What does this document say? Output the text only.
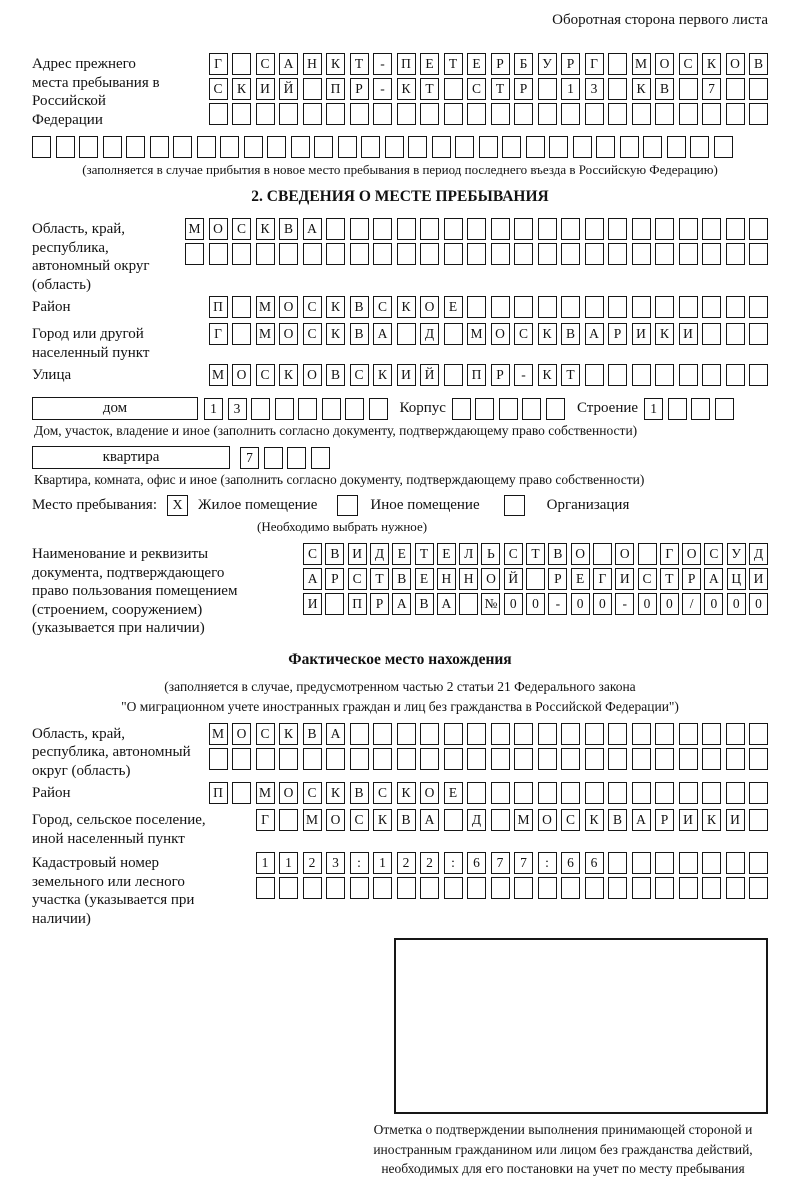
Оборотная сторона первого листа
Адрес прежнего места пребывания в Российской Федерации
Г	С	А	Н	К	Т	-	П	Е	Т	Е	Р	Б	У	Р	Г	М О	С	К	О	В
С	К	И	Й	П	Р	-	К	Т	С	Т	Р	1	3	К	В	7
(заполняется в случае прибытия в новое место пребывания в период последнего въезда в Российскую Федерацию)
2. СВЕДЕНИЯ О МЕСТЕ ПРЕБЫВАНИЯ
Область, край, республика, автономный округ (область)
М О	С	К	В	А
Район	П	М О	С	К	В	С	К	О	Е
Город или другой населенный пункт
Г	М О	С	К	В	А	Д	М О	С	К	В	А	Р	И	К	И
Улица	М О	С	К	О	В	С	К	И	Й	П	Р	-	К	Т
дом	1	3	Корпус	Строение 1
Дом, участок, владение и иное (заполнить согласно документу, подтверждающему право собственности)
квартира	7
Квартира, комната, офис и иное (заполнить согласно документу, подтверждающему право собственности)
Место пребывания:	X	Жилое помещение	Иное помещение	Организация
(Необходимо выбрать нужное)
Наименование и реквизиты документа, подтверждающего право пользования помещением (строением, сооружением) (указывается при наличии)
С В И Д	Е	Т	Е	Л	Ь	С	Т	В О	О	Г	О С У Д
А	Р	С	Т	В	Е Н Н О Й	Р	Е	Г	И С	Т	Р	А Ц И
И	П	Р	А В А	№ 0	0	-	0	0	-	0	0	/	0	0	0
Фактическое место нахождения
(заполняется в случае, предусмотренном частью 2 статьи 21 Федерального закона
"О миграционном учете иностранных граждан и лиц без гражданства в Российской Федерации")
Область, край, республика, автономный округ (область)
М О	С	К	В	А
Район	П	М О	С	К	В	С	К	О	Е
Город, сельское поселение, иной населенный пункт
Г	М О	С	К	В	А	Д	М О	С	К	В	А	Р	И	К	И
Кадастровый номер земельного или лесного участка (указывается при наличии)
1	1	2	3	:	1	2	2	:	6	7	7	:	6	6
Отметка о подтверждении выполнения принимающей стороной и иностранным гражданином или лицом без гражданства действий, необходимых для его постановки на учет по месту пребывания
